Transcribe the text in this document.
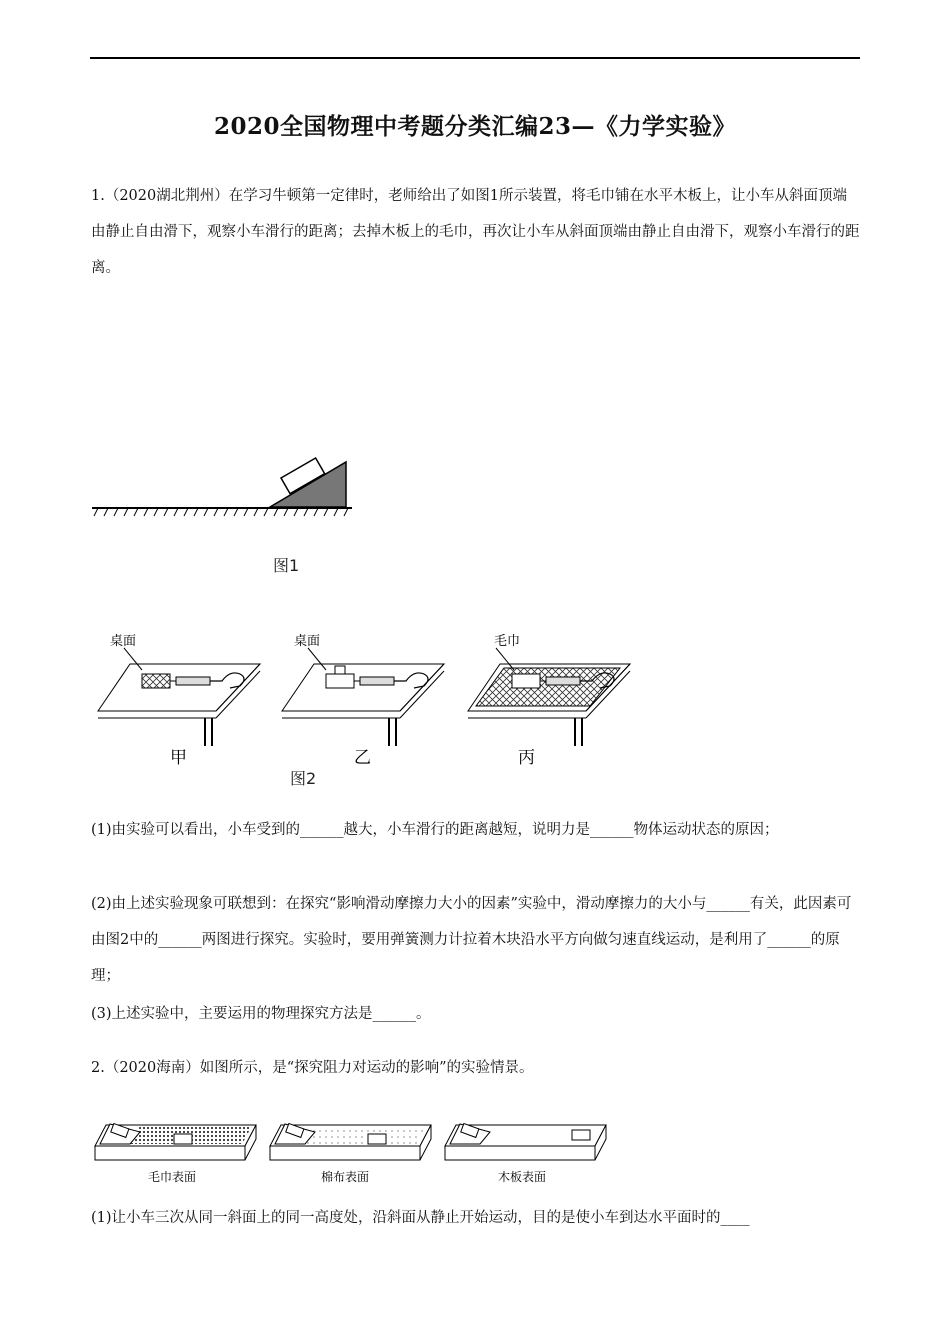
2020全国物理中考题分类汇编23—《力学实验》
1.（2020湖北荆州）在学习牛顿第一定律时，老师给出了如图1所示装置，将毛巾铺在水平木板上，让小车从斜面顶端由静止自由滑下，观察小车滑行的距离；去掉木板上的毛巾，再次让小车从斜面顶端由静止自由滑下，观察小车滑行的距离。
图1
桌面
甲
桌面
乙
图2
毛巾
丙
(1)由实验可以看出，小车受到的______越大，小车滑行的距离越短，说明力是______物体运动状态的原因；
(2)由上述实验现象可联想到：在探究“影响滑动摩擦力大小的因素”实验中，滑动摩擦力的大小与______有关，此因素可由图2中的______两图进行探究。实验时，要用弹簧测力计拉着木块沿水平方向做匀速直线运动，是利用了______的原理；
(3)上述实验中，主要运用的物理探究方法是______。
2.（2020海南）如图所示，是“探究阻力对运动的影响”的实验情景。
毛巾表面	棉布表面	木板表面
(1)让小车三次从同一斜面上的同一高度处，沿斜面从静止开始运动，目的是使小车到达水平面时的____
